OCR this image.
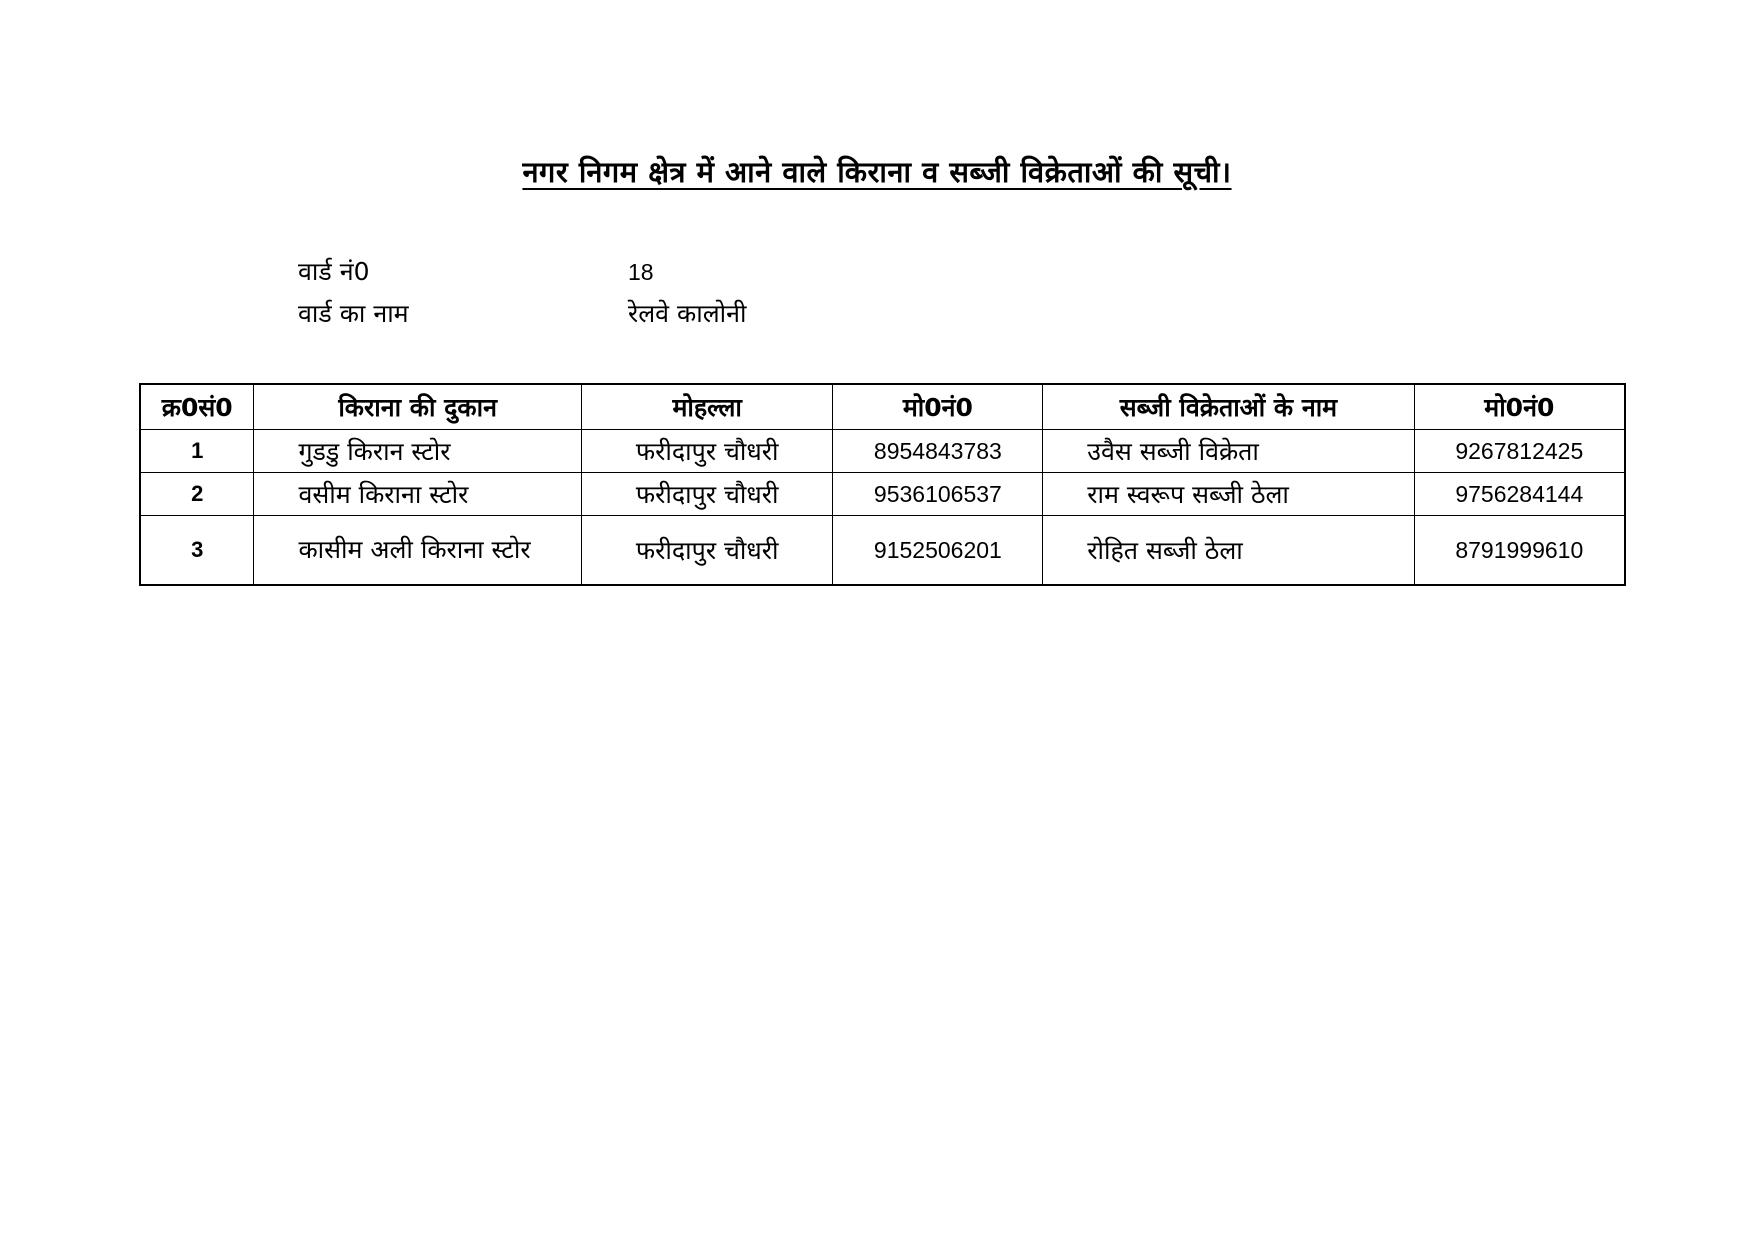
नगर निगम क्षेत्र में आने वाले किराना व सब्जी विक्रेताओं की सूची।
वार्ड नं0	18
वार्ड का नाम	रेलवे कालोनी
क्र0सं0	किराना की दुकान	मोहल्ला	मो0नं0	सब्जी विक्रेताओं के नाम	मो0नं0
1	गुडडु किरान स्टोर	फरीदापुर चौधरी	8954843783	उवैस सब्जी विक्रेता	9267812425
2	वसीम किराना स्टोर	फरीदापुर चौधरी	9536106537	राम स्वरूप सब्जी ठेला	9756284144
3	कासीम अली किराना स्टोर	फरीदापुर चौधरी	9152506201	रोहित सब्जी ठेला	8791999610
